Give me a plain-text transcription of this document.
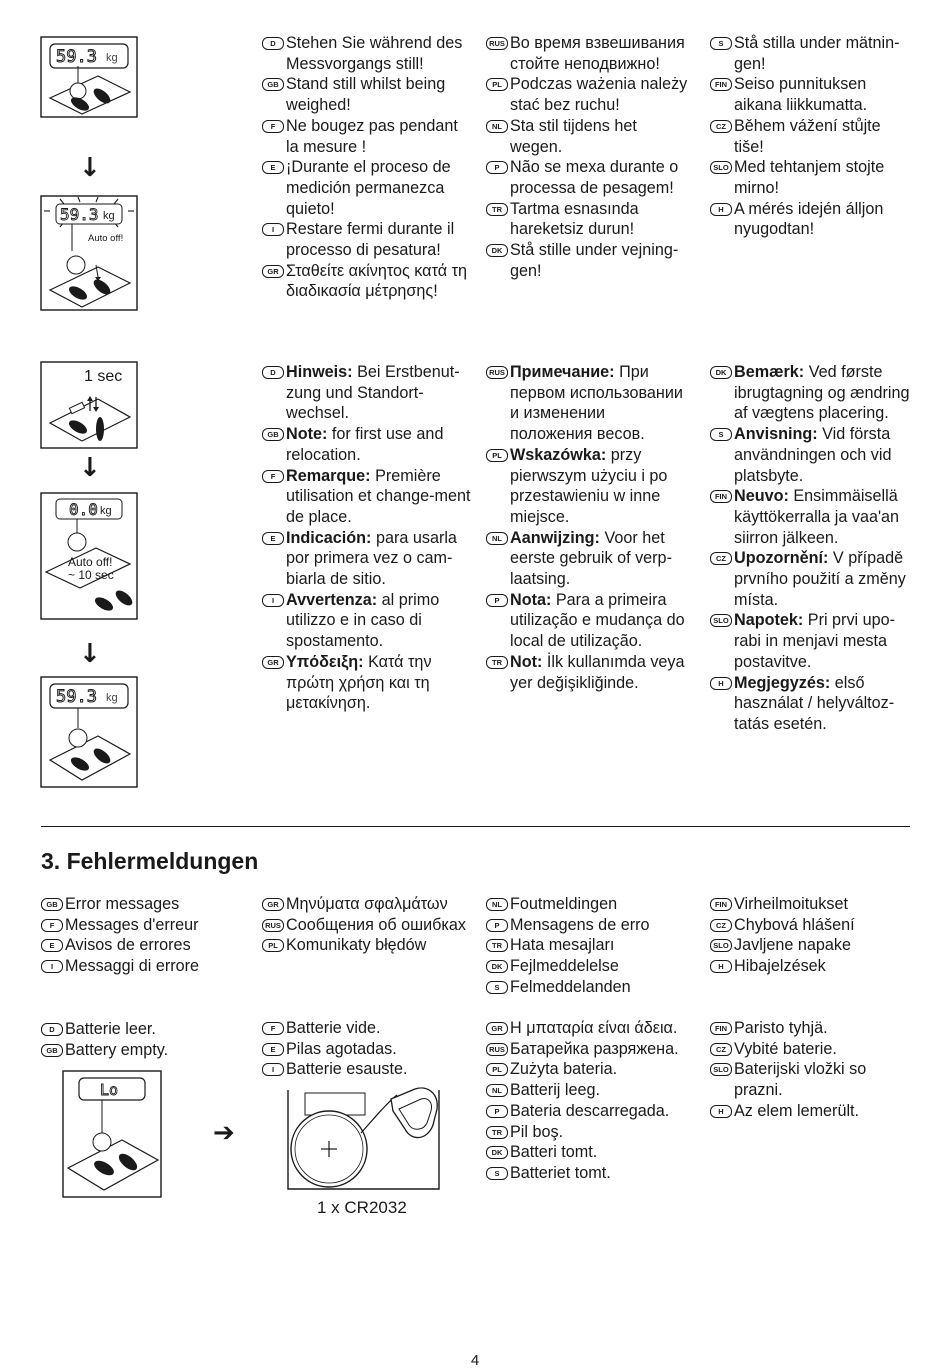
59.3 kg
↓
59.3 kg
Auto off!
D Stehen Sie während des Messvorgangs still!
GB Stand still whilst being weighed!
F Ne bougez pas pendant la mesure !
E ¡Durante el proceso de medición permanezca quieto!
I Restare fermi durante il processo di pesatura!
GR Σταθείτε ακίνητος κατά τη διαδικασία μέτρησης!
RUS Во время взвешивания стойте неподвижно!
PL Podczas ważenia należy stać bez ruchu!
NL Sta stil tijdens het wegen.
P Não se mexa durante o processa de pesagem!
TR Tartma esnasında hareketsiz durun!
DK Stå stille under vejning-gen!
S Stå stilla under mätnin-gen!
FIN Seiso punnituksen aikana liikkumatta.
CZ Během vážení stůjte tiše!
SLO Med tehtanjem stojte mirno!
H A mérés idején álljon nyugodtan!
1 sec
↓
0.0 kg
Auto off!
~ 10 sec
↓
59.3 kg
D Hinweis: Bei Erstbenut-zung und Standort-wechsel.
GB Note: for first use and relocation.
F Remarque: Première utilisation et change-ment de place.
E Indicación: para usarla por primera vez o cam-biarla de sitio.
I Avvertenza: al primo utilizzo e in caso di spostamento.
GR Υπόδειξη: Κατά την πρώτη χρήση και τη μετακίνηση.
RUS Примечание: При первом использовании и изменении положения весов.
PL Wskazówka: przy pierwszym użyciu i po przestawieniu w inne miejsce.
NL Aanwijzing: Voor het eerste gebruik of verp-laatsing.
P Nota: Para a primeira utilização e mudança do local de utilização.
TR Not: İlk kullanımda veya yer değişikliğinde.
DK Bemærk: Ved første ibrugtagning og ændring af vægtens placering.
S Anvisning: Vid första användningen och vid platsbyte.
FIN Neuvo: Ensimmäisellä käyttökerralla ja vaa'an siirron jälkeen.
CZ Upozornění: V případě prvního použití a změny místa.
SLO Napotek: Pri prvi upo-rabi in menjavi mesta postavitve.
H Megjegyzés: első használat / helyváltoz-tatás esetén.
3. Fehlermeldungen
GB Error messages
F Messages d'erreur
E Avisos de errores
I Messaggi di errore
GR Μηνύματα σφαλμάτων
RUS Сообщения об ошибках
PL Komunikaty błędów
NL Foutmeldingen
P Mensagens de erro
TR Hata mesajları
DK Fejlmeddelelse
S Felmeddelanden
FIN Virheilmoitukset
CZ Chybová hlášení
SLO Javljene napake
H Hibajelzések
D Batterie leer.
GB Battery empty.
F Batterie vide.
E Pilas agotadas.
I Batterie esauste.
GR Η μπαταρία είναι άδεια.
RUS Батарейка разряжена.
PL Zużyta bateria.
NL Batterij leeg.
P Bateria descarregada.
TR Pil boş.
DK Batteri tomt.
S Batteriet tomt.
FIN Paristo tyhjä.
CZ Vybité baterie.
SLO Baterijski vložki so prazni.
H Az elem lemerült.
Lo
➔
1 x CR2032
4
